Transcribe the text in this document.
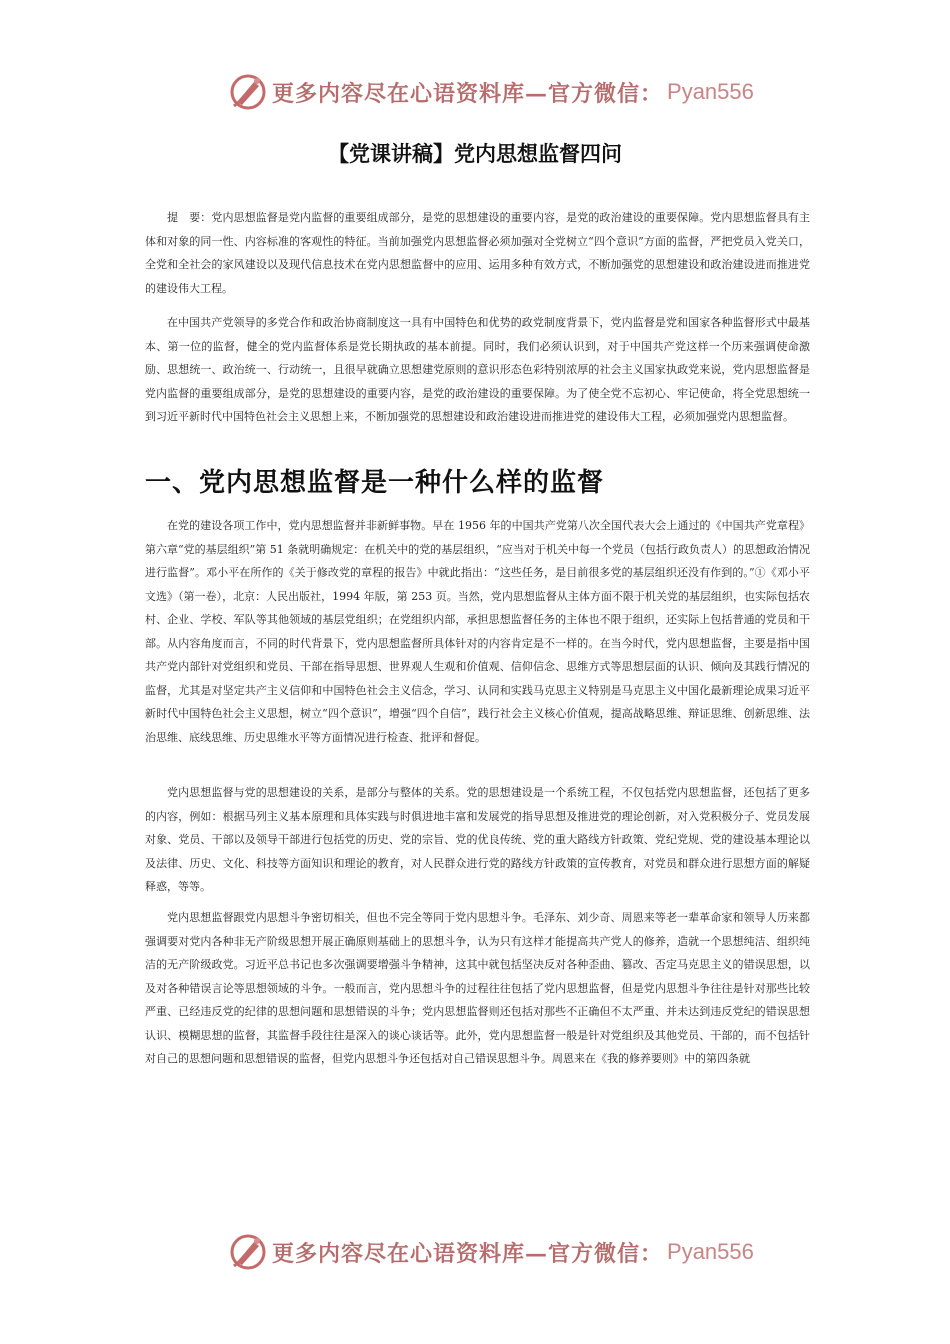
更多内容尽在心语资料库—官方微信： Pyan556
【党课讲稿】党内思想监督四问

提　要：党内思想监督是党内监督的重要组成部分，是党的思想建设的重要内容，是党的政治建设的重要保障。党内思想监督具有主体和对象的同一性、内容标准的客观性的特征。当前加强党内思想监督必须加强对全党树立“四个意识”方面的监督，严把党员入党关口，全党和全社会的家风建设以及现代信息技术在党内思想监督中的应用、运用多种有效方式，不断加强党的思想建设和政治建设进而推进党的建设伟大工程。

在中国共产党领导的多党合作和政治协商制度这一具有中国特色和优势的政党制度背景下，党内监督是党和国家各种监督形式中最基本、第一位的监督，健全的党内监督体系是党长期执政的基本前提。同时，我们必须认识到，对于中国共产党这样一个历来强调使命激励、思想统一、政治统一、行动统一，且很早就确立思想建党原则的意识形态色彩特别浓厚的社会主义国家执政党来说，党内思想监督是党内监督的重要组成部分，是党的思想建设的重要内容，是党的政治建设的重要保障。为了使全党不忘初心、牢记使命，将全党思想统一到习近平新时代中国特色社会主义思想上来，不断加强党的思想建设和政治建设进而推进党的建设伟大工程，必须加强党内思想监督。

一、党内思想监督是一种什么样的监督

在党的建设各项工作中，党内思想监督并非新鲜事物。早在 1956 年的中国共产党第八次全国代表大会上通过的《中国共产党章程》第六章“党的基层组织”第 51 条就明确规定：在机关中的党的基层组织，“应当对于机关中每一个党员（包括行政负责人）的思想政治情况进行监督”。邓小平在所作的《关于修改党的章程的报告》中就此指出：“这些任务，是目前很多党的基层组织还没有作到的。”①《邓小平文选》（第一卷），北京：人民出版社，1994 年版，第 253 页。当然，党内思想监督从主体方面不限于机关党的基层组织，也实际包括农村、企业、学校、军队等其他领域的基层党组织；在党组织内部，承担思想监督任务的主体也不限于组织，还实际上包括普通的党员和干部。从内容角度而言，不同的时代背景下，党内思想监督所具体针对的内容肯定是不一样的。在当今时代，党内思想监督，主要是指中国共产党内部针对党组织和党员、干部在指导思想、世界观人生观和价值观、信仰信念、思维方式等思想层面的认识、倾向及其践行情况的监督，尤其是对坚定共产主义信仰和中国特色社会主义信念，学习、认同和实践马克思主义特别是马克思主义中国化最新理论成果习近平新时代中国特色社会主义思想，树立“四个意识”，增强“四个自信”，践行社会主义核心价值观，提高战略思维、辩证思维、创新思维、法治思维、底线思维、历史思维水平等方面情况进行检查、批评和督促。

党内思想监督与党的思想建设的关系，是部分与整体的关系。党的思想建设是一个系统工程，不仅包括党内思想监督，还包括了更多的内容，例如：根据马列主义基本原理和具体实践与时俱进地丰富和发展党的指导思想及推进党的理论创新，对入党积极分子、党员发展对象、党员、干部以及领导干部进行包括党的历史、党的宗旨、党的优良传统、党的重大路线方针政策、党纪党规、党的建设基本理论以及法律、历史、文化、科技等方面知识和理论的教育，对人民群众进行党的路线方针政策的宣传教育，对党员和群众进行思想方面的解疑释惑，等等。

党内思想监督跟党内思想斗争密切相关，但也不完全等同于党内思想斗争。毛泽东、刘少奇、周恩来等老一辈革命家和领导人历来都强调要对党内各种非无产阶级思想开展正确原则基础上的思想斗争，认为只有这样才能提高共产党人的修养，造就一个思想纯洁、组织纯洁的无产阶级政党。习近平总书记也多次强调要增强斗争精神，这其中就包括坚决反对各种歪曲、篡改、否定马克思主义的错误思想，以及对各种错误言论等思想领域的斗争。一般而言，党内思想斗争的过程往往包括了党内思想监督，但是党内思想斗争往往是针对那些比较严重、已经违反党的纪律的思想问题和思想错误的斗争；党内思想监督则还包括对那些不正确但不太严重、并未达到违反党纪的错误思想认识、模糊思想的监督，其监督手段往往是深入的谈心谈话等。此外，党内思想监督一般是针对党组织及其他党员、干部的，而不包括针对自己的思想问题和思想错误的监督，但党内思想斗争还包括对自己错误思想斗争。周恩来在《我的修养要则》中的第四条就

更多内容尽在心语资料库—官方微信： Pyan556
